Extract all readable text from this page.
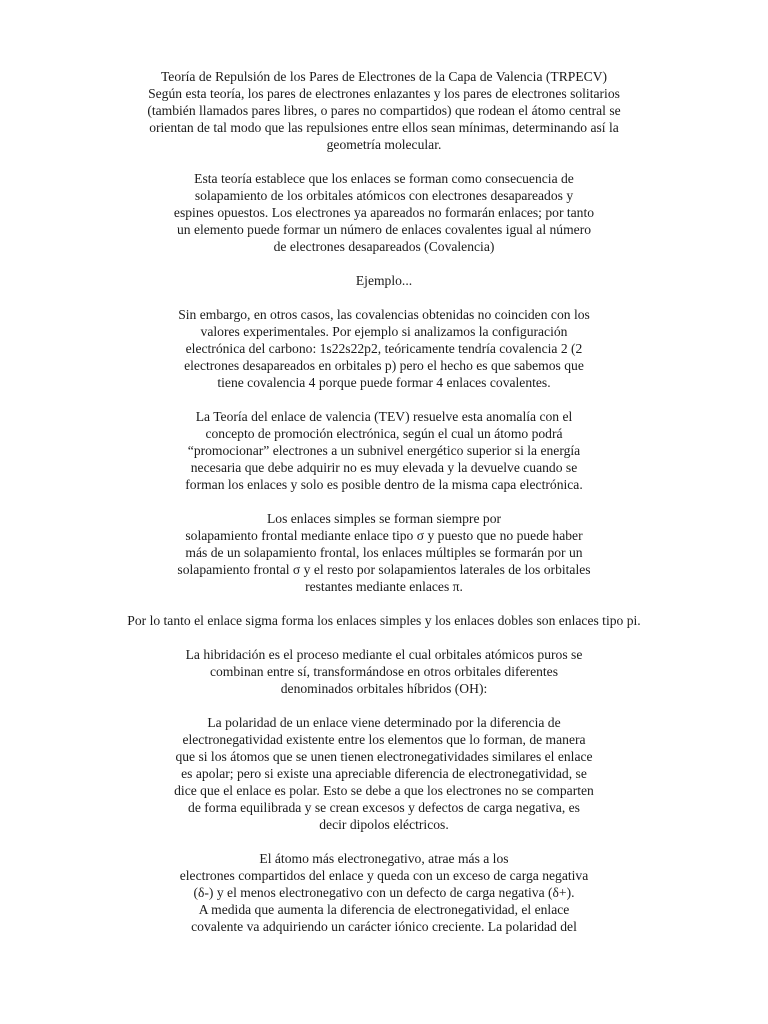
Teoría de Repulsión de los Pares de Electrones de la Capa de Valencia (TRPECV)
Según esta teoría, los pares de electrones enlazantes y los pares de electrones solitarios
(también llamados pares libres, o pares no compartidos) que rodean el átomo central se
orientan de tal modo que las repulsiones entre ellos sean mínimas, determinando así la
geometría molecular.
Esta teoría establece que los enlaces se forman como consecuencia de
solapamiento de los orbitales atómicos con electrones desapareados y
espines opuestos. Los electrones ya apareados no formarán enlaces; por tanto
un elemento puede formar un número de enlaces covalentes igual al número
de electrones desapareados (Covalencia)
Ejemplo...
Sin embargo, en otros casos, las covalencias obtenidas no coinciden con los
valores experimentales. Por ejemplo si analizamos la configuración
electrónica del carbono: 1s22s22p2, teóricamente tendría covalencia 2 (2
electrones desapareados en orbitales p) pero el hecho es que sabemos que
tiene covalencia 4 porque puede formar 4 enlaces covalentes.
La Teoría del enlace de valencia (TEV) resuelve esta anomalía con el
concepto de promoción electrónica, según el cual un átomo podrá
“promocionar” electrones a un subnivel energético superior si la energía
necesaria que debe adquirir no es muy elevada y la devuelve cuando se
forman los enlaces y solo es posible dentro de la misma capa electrónica.
Los enlaces simples se forman siempre por
solapamiento frontal mediante enlace tipo σ y puesto que no puede haber
más de un solapamiento frontal, los enlaces múltiples se formarán por un
solapamiento frontal σ y el resto por solapamientos laterales de los orbitales
restantes mediante enlaces π.
Por lo tanto el enlace sigma forma los enlaces simples y los enlaces dobles son enlaces tipo pi.
La hibridación es el proceso mediante el cual orbitales atómicos puros se
combinan entre sí, transformándose en otros orbitales diferentes
denominados orbitales híbridos (OH):
La polaridad de un enlace viene determinado por la diferencia de
electronegatividad existente entre los elementos que lo forman, de manera
que si los átomos que se unen tienen electronegatividades similares el enlace
es apolar; pero si existe una apreciable diferencia de electronegatividad, se
dice que el enlace es polar. Esto se debe a que los electrones no se comparten
de forma equilibrada y se crean excesos y defectos de carga negativa, es
decir dipolos eléctricos.
El átomo más electronegativo, atrae más a los
electrones compartidos del enlace y queda con un exceso de carga negativa
(δ-) y el menos electronegativo con un defecto de carga negativa (δ+).
A medida que aumenta la diferencia de electronegatividad, el enlace
covalente va adquiriendo un carácter iónico creciente. La polaridad del
